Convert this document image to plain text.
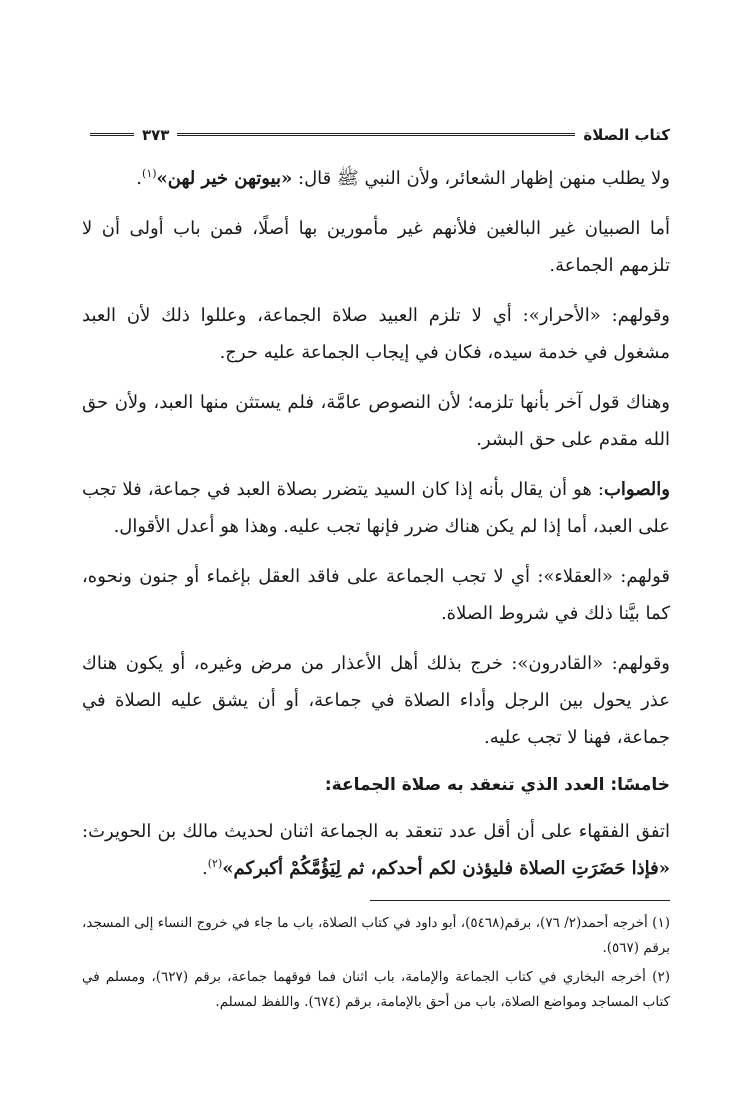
كتاب الصلاة
٣٧٣

ولا يطلب منهن إظهار الشعائر، ولأن النبي ﷺ قال: «بيوتهن خير لهن»$^{(١)}$.

أما الصبيان غير البالغين فلأنهم غير مأمورين بها أصلًا، فمن باب أولى أن لا تلزمهم الجماعة.

وقولهم: «الأحرار»: أي لا تلزم العبيد صلاة الجماعة، وعللوا ذلك لأن العبد مشغول في خدمة سيده، فكان في إيجاب الجماعة عليه حرج.

وهناك قول آخر بأنها تلزمه؛ لأن النصوص عامَّة، فلم يستثن منها العبد، ولأن حق الله مقدم على حق البشر.

والصواب: هو أن يقال بأنه إذا كان السيد يتضرر بصلاة العبد في جماعة، فلا تجب على العبد، أما إذا لم يكن هناك ضرر فإنها تجب عليه. وهذا هو أعدل الأقوال.

قولهم: «العقلاء»: أي لا تجب الجماعة على فاقد العقل بإغماء أو جنون ونحوه، كما بيَّنا ذلك في شروط الصلاة.

وقولهم: «القادرون»: خرج بذلك أهل الأعذار من مرض وغيره، أو يكون هناك عذر يحول بين الرجل وأداء الصلاة في جماعة، أو أن يشق عليه الصلاة في جماعة، فهنا لا تجب عليه.

خامسًا: العدد الذي تنعقد به صلاة الجماعة:

اتفق الفقهاء على أن أقل عدد تنعقد به الجماعة اثنان لحديث مالك بن الحويرث: «فإذا حَضَرَتِ الصلاة فليؤذن لكم أحدكم، ثم لِيَؤُمَّكُمْ أكبركم»$^{(٢)}$.

(١) أخرجه أحمد(٢/ ٧٦)، برقم(٥٤٦٨)، أبو داود في كتاب الصلاة، باب ما جاء في خروج النساء إلى المسجد، برقم (٥٦٧).

(٢) أخرجه البخاري في كتاب الجماعة والإمامة، باب اثنان فما فوقهما جماعة، برقم (٦٢٧)، ومسلم في كتاب المساجد ومواضع الصلاة، باب من أحق بالإمامة، برقم (٦٧٤). واللفظ لمسلم.
